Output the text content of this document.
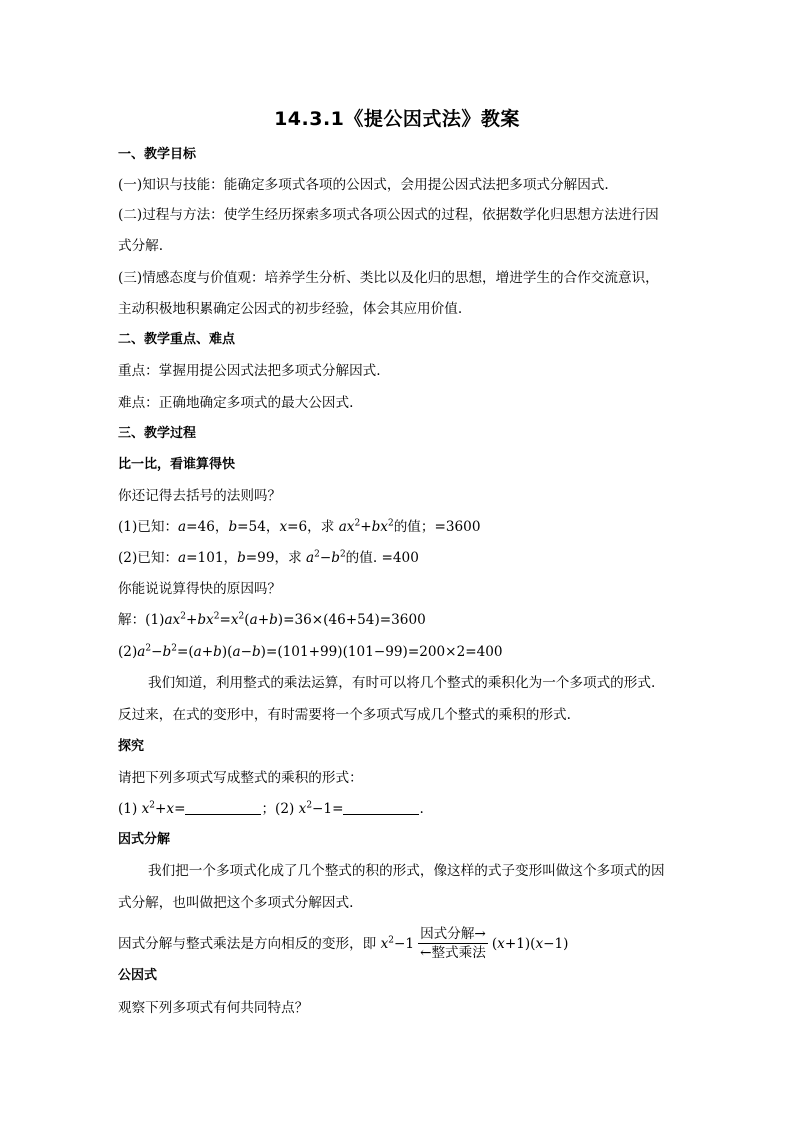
14.3.1《提公因式法》教案
一、教学目标
(一)知识与技能：能确定多项式各项的公因式，会用提公因式法把多项式分解因式.
(二)过程与方法：使学生经历探索多项式各项公因式的过程，依据数学化归思想方法进行因
式分解.
(三)情感态度与价值观：培养学生分析、类比以及化归的思想，增进学生的合作交流意识，
主动积极地积累确定公因式的初步经验，体会其应用价值.
二、教学重点、难点
重点：掌握用提公因式法把多项式分解因式.
难点：正确地确定多项式的最大公因式.
三、教学过程
比一比，看谁算得快
你还记得去括号的法则吗？
(1)已知：a=46，b=54，x=6，求 $ax^2+bx^2$的值；=3600
(2)已知：a=101，b=99，求 $a^2-b^2$的值. =400
你能说说算得快的原因吗？
解：$(1)ax^2+bx^2=x^2(a+b)=36\times(46+54)=3600$
$(2)a^2-b^2=(a+b)(a-b)=(101+99)(101-99)=200\times 2=400$
我们知道，利用整式的乘法运算，有时可以将几个整式的乘积化为一个多项式的形式.
反过来，在式的变形中，有时需要将一个多项式写成几个整式的乘积的形式.
探究
请把下列多项式写成整式的乘积的形式：
(1) $x^2+x=$	；(2) $x^2-1=$	.
因式分解
我们把一个多项式化成了几个整式的积的形式，像这样的式子变形叫做这个多项式的因
式分解，也叫做把这个多项式分解因式.
因式分解与整式乘法是方向相反的变形，即 $x^2-1 \frac{\text{因式分解→}}{\text{←整式乘法}} (x+1)(x-1)$
公因式
观察下列多项式有何共同特点？
